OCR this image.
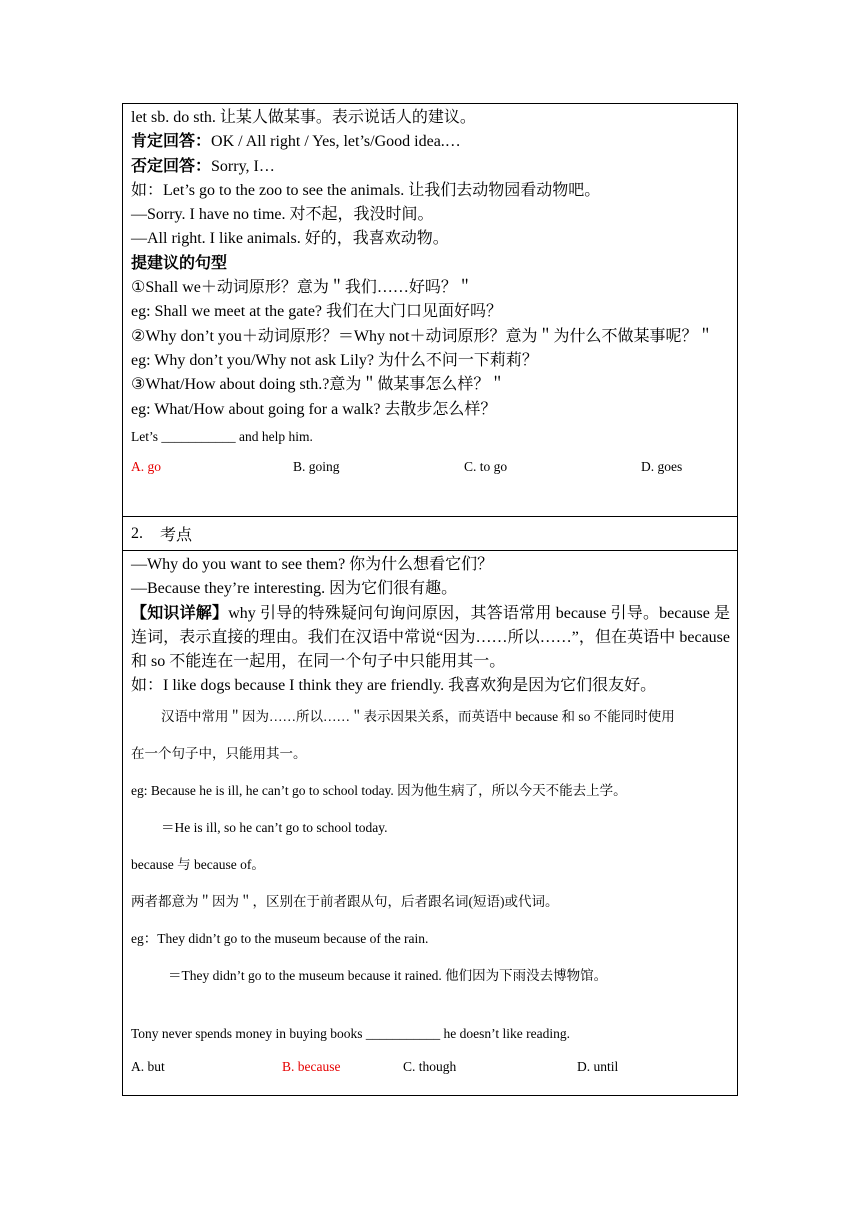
let sb. do sth. 让某人做某事。表示说话人的建议。
肯定回答：OK / All right / Yes, let’s/Good idea.…
否定回答：Sorry, I…
如：Let’s go to the zoo to see the animals. 让我们去动物园看动物吧。
—Sorry. I have no time. 对不起，我没时间。
—All right. I like animals. 好的，我喜欢动物。
提建议的句型
①Shall we＋动词原形？意为＂我们……好吗？＂
eg: Shall we meet at the gate? 我们在大门口见面好吗？
②Why don’t you＋动词原形？＝Why not＋动词原形？意为＂为什么不做某事呢？＂
eg: Why don’t you/Why not ask Lily? 为什么不问一下莉莉？
③What/How about doing sth.?意为＂做某事怎么样？＂
eg: What/How about going for a walk? 去散步怎么样？
Let’s ___________ and help him.
A. go	B. going	C. to go	D. goes
2.	考点
—Why do you want to see them? 你为什么想看它们？
—Because they’re interesting. 因为它们很有趣。
【知识详解】why 引导的特殊疑问句询问原因，其答语常用 because 引导。because 是连词，表示直接的理由。我们在汉语中常说“因为……所以……”，但在英语中 because 和 so 不能连在一起用，在同一个句子中只能用其一。
如：I like dogs because I think they are friendly. 我喜欢狗是因为它们很友好。
汉语中常用＂因为……所以……＂表示因果关系，而英语中 because 和 so 不能同时使用
在一个句子中，只能用其一。
eg: Because he is ill, he can’t go to school today. 因为他生病了，所以今天不能去上学。
＝He is ill, so he can’t go to school today.
because 与 because of。
两者都意为＂因为＂，区别在于前者跟从句，后者跟名词(短语)或代词。
eg：They didn’t go to the museum because of the rain.
＝They didn’t go to the museum because it rained. 他们因为下雨没去博物馆。
Tony never spends money in buying books ___________ he doesn’t like reading.
A. but	B. because	C. though	D. until
